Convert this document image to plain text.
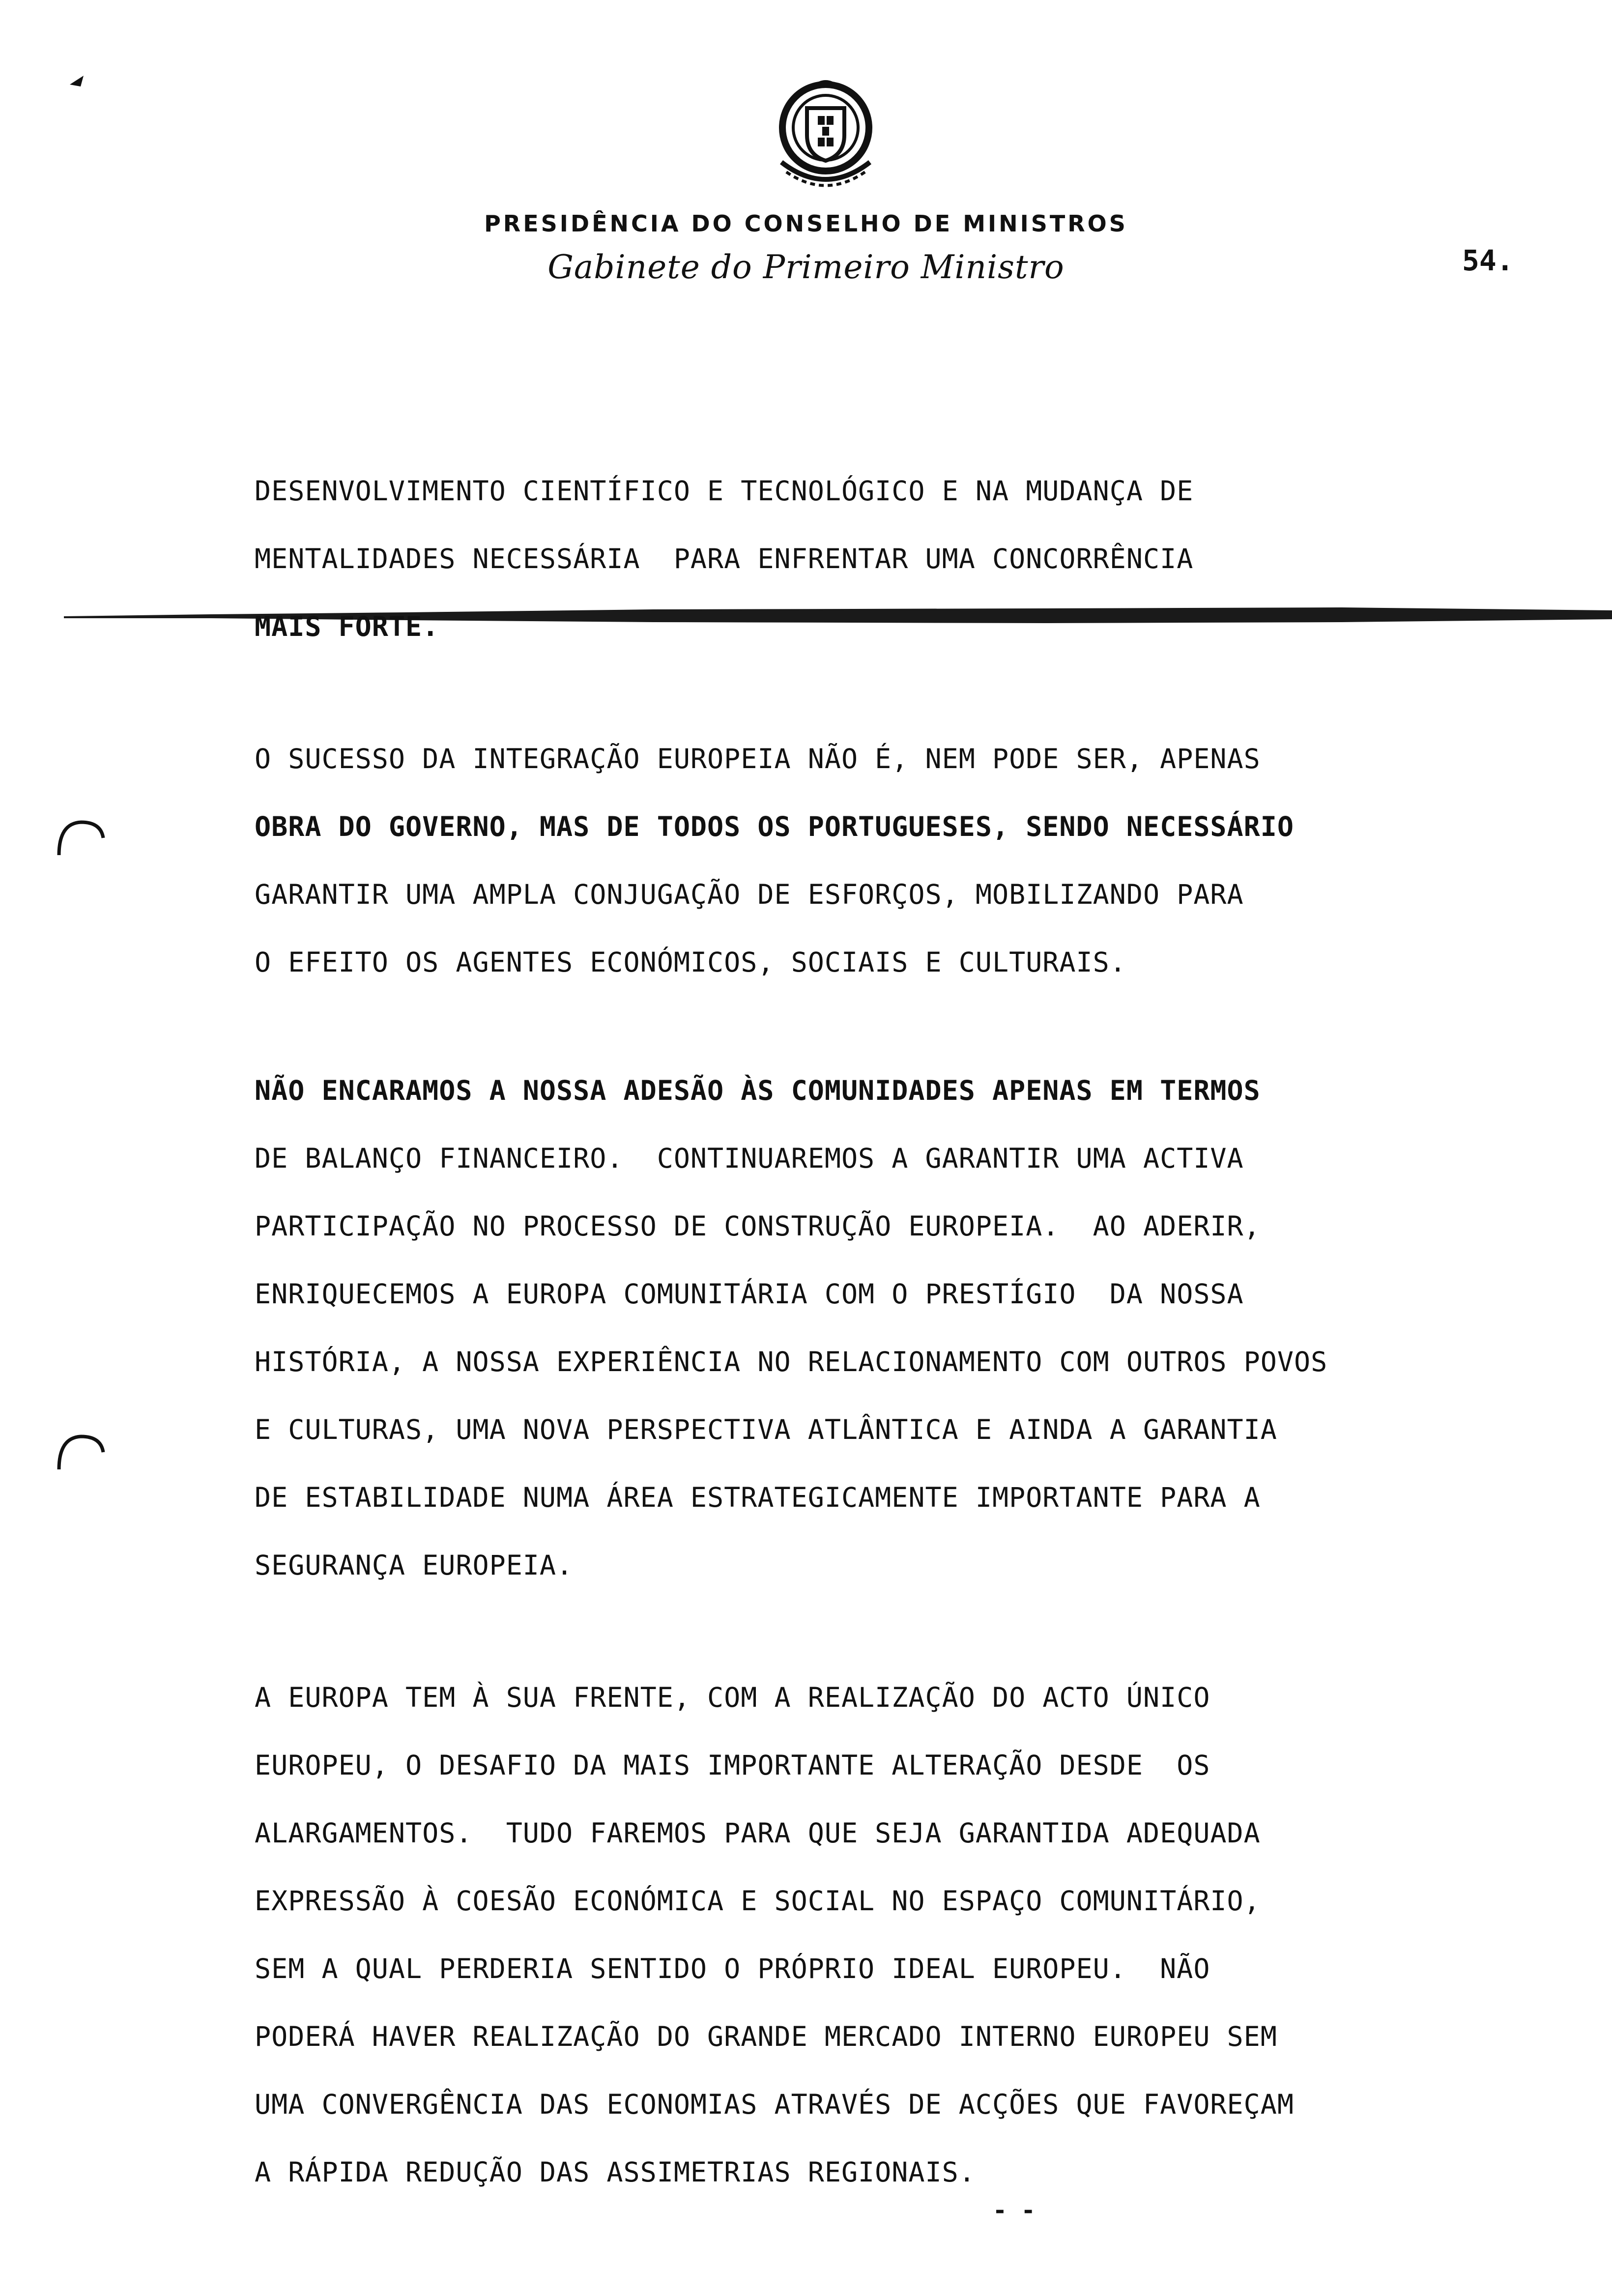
PRESIDÊNCIA DO CONSELHO DE MINISTROS
Gabinete do Primeiro Ministro	54.
DESENVOLVIMENTO CIENTÍFICO E TECNOLÓGICO E NA MUDANÇA DE
MENTALIDADES NECESSÁRIA  PARA ENFRENTAR UMA CONCORRÊNCIA
MAIS FORTE.
O SUCESSO DA INTEGRAÇÃO EUROPEIA NÃO É, NEM PODE SER, APENAS
OBRA DO GOVERNO, MAS DE TODOS OS PORTUGUESES, SENDO NECESSÁRIO
GARANTIR UMA AMPLA CONJUGAÇÃO DE ESFORÇOS, MOBILIZANDO PARA
O EFEITO OS AGENTES ECONÓMICOS, SOCIAIS E CULTURAIS.
NÃO ENCARAMOS A NOSSA ADESÃO ÀS COMUNIDADES APENAS EM TERMOS
DE BALANÇO FINANCEIRO.  CONTINUAREMOS A GARANTIR UMA ACTIVA
PARTICIPAÇÃO NO PROCESSO DE CONSTRUÇÃO EUROPEIA.  AO ADERIR,
ENRIQUECEMOS A EUROPA COMUNITÁRIA COM O PRESTÍGIO  DA NOSSA
HISTÓRIA, A NOSSA EXPERIÊNCIA NO RELACIONAMENTO COM OUTROS POVOS
E CULTURAS, UMA NOVA PERSPECTIVA ATLÂNTICA E AINDA A GARANTIA
DE ESTABILIDADE NUMA ÁREA ESTRATEGICAMENTE IMPORTANTE PARA A
SEGURANÇA EUROPEIA.
A EUROPA TEM À SUA FRENTE, COM A REALIZAÇÃO DO ACTO ÚNICO
EUROPEU, O DESAFIO DA MAIS IMPORTANTE ALTERAÇÃO DESDE  OS
ALARGAMENTOS.  TUDO FAREMOS PARA QUE SEJA GARANTIDA ADEQUADA
EXPRESSÃO À COESÃO ECONÓMICA E SOCIAL NO ESPAÇO COMUNITÁRIO,
SEM A QUAL PERDERIA SENTIDO O PRÓPRIO IDEAL EUROPEU.  NÃO
PODERÁ HAVER REALIZAÇÃO DO GRANDE MERCADO INTERNO EUROPEU SEM
UMA CONVERGÊNCIA DAS ECONOMIAS ATRAVÉS DE ACÇÕES QUE FAVOREÇAM
A RÁPIDA REDUÇÃO DAS ASSIMETRIAS REGIONAIS.
- -
